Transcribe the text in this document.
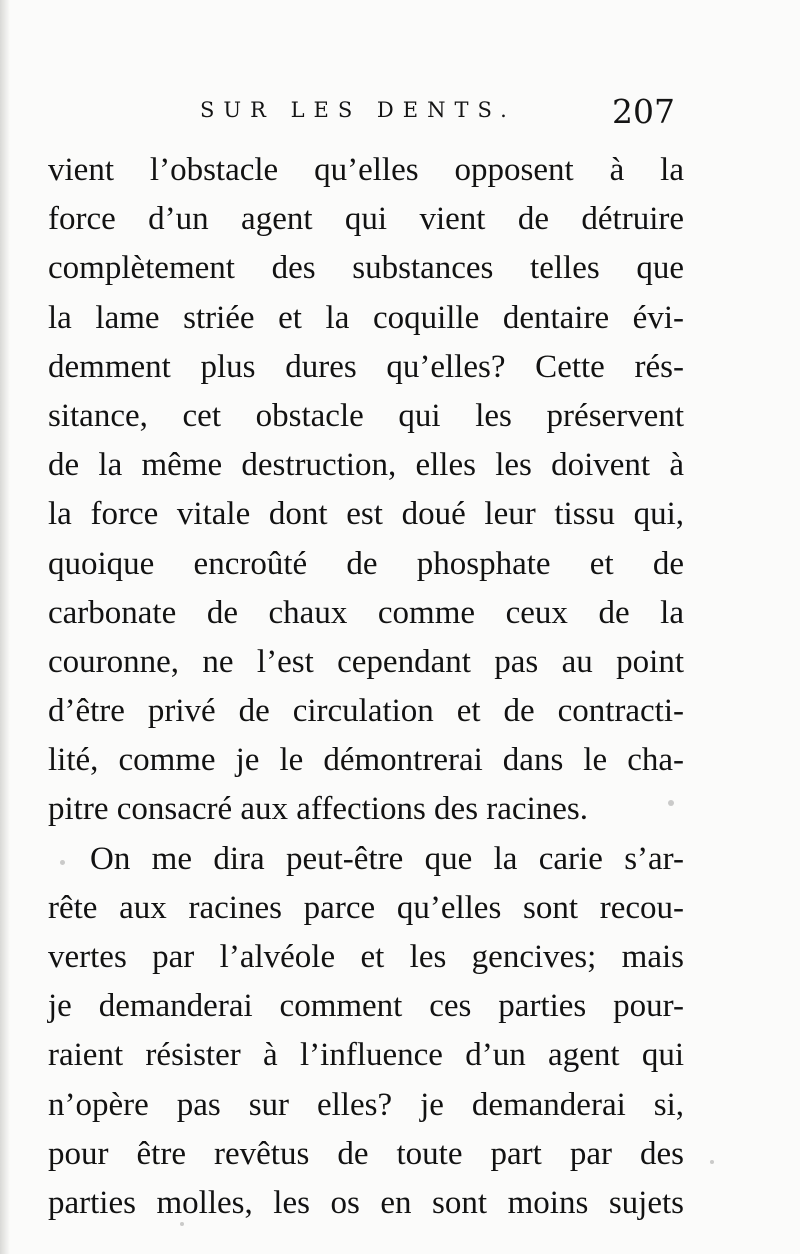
SUR LES DENTS.	207
vient l’obstacle qu’elles opposent à la
force d’un agent qui vient de détruire
complètement des substances telles que
la lame striée et la coquille dentaire évi-
demment plus dures qu’elles? Cette rés-
sitance, cet obstacle qui les préservent
de la même destruction, elles les doivent à
la force vitale dont est doué leur tissu qui,
quoique encroûté de phosphate et de
carbonate de chaux comme ceux de la
couronne, ne l’est cependant pas au point
d’être privé de circulation et de contracti-
lité, comme je le démontrerai dans le cha-
pitre consacré aux affections des racines.
On me dira peut-être que la carie s’ar-
rête aux racines parce qu’elles sont recou-
vertes par l’alvéole et les gencives; mais
je demanderai comment ces parties pour-
raient résister à l’influence d’un agent qui
n’opère pas sur elles? je demanderai si,
pour être revêtus de toute part par des
parties molles, les os en sont moins sujets
